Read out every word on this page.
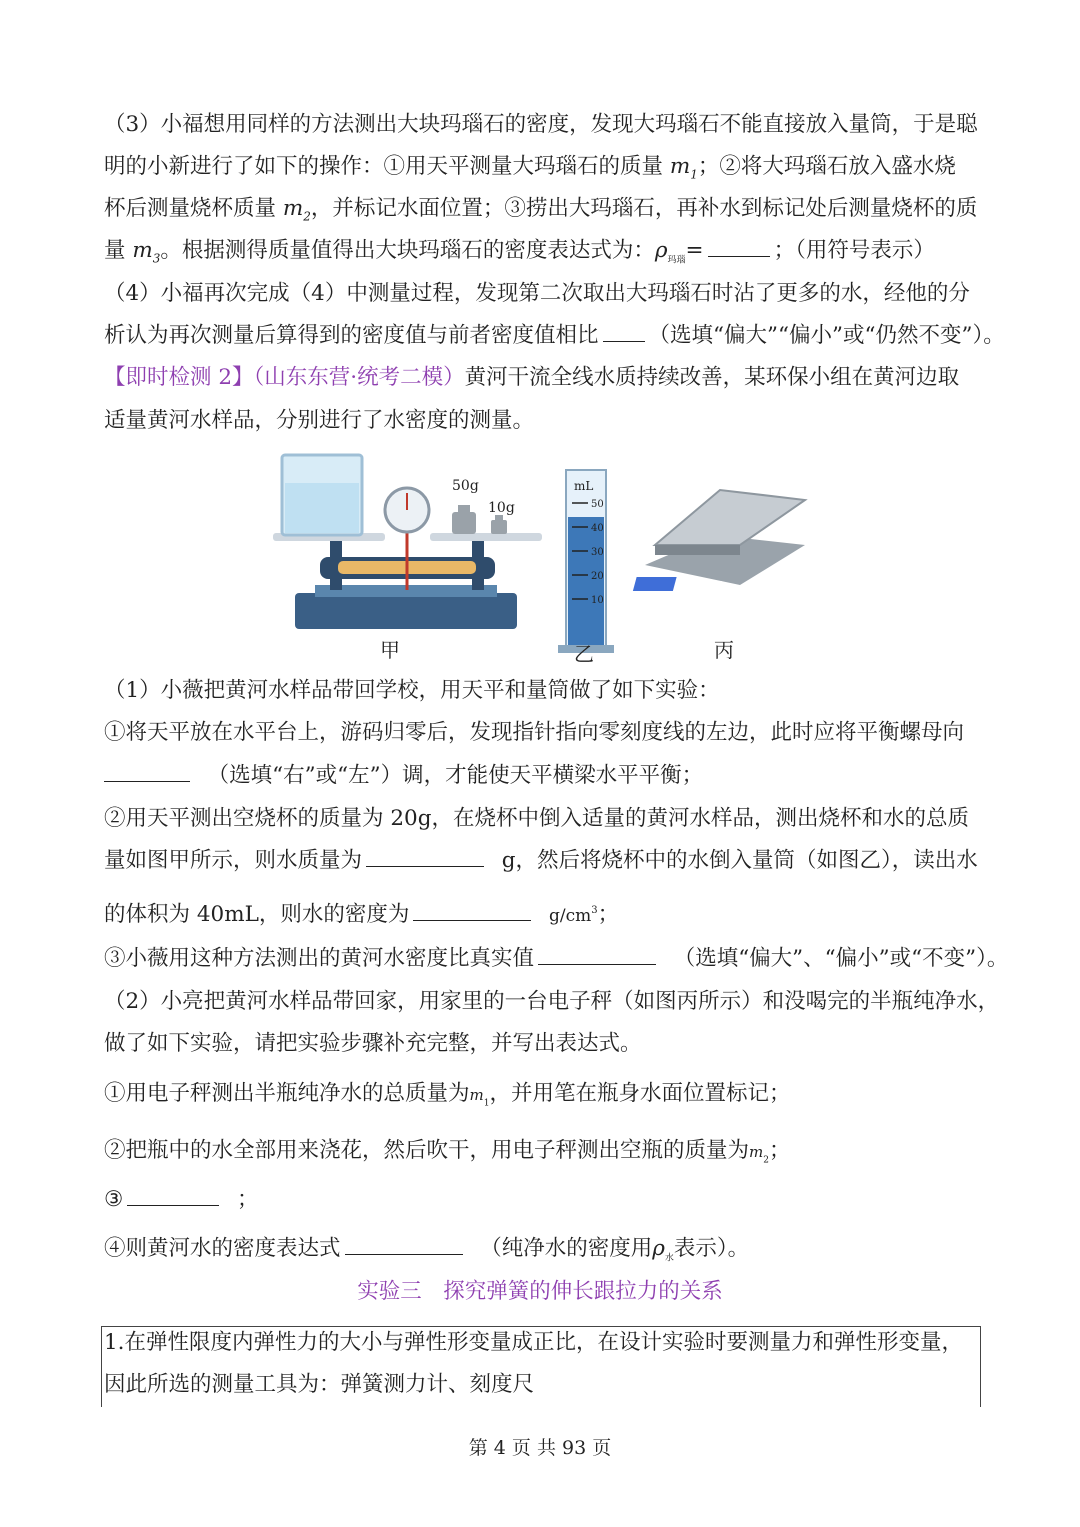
（3）小福想用同样的方法测出大块玛瑙石的密度，发现大玛瑙石不能直接放入量筒，于是聪
明的小新进行了如下的操作：①用天平测量大玛瑙石的质量 $m_1$；②将大玛瑙石放入盛水烧
杯后测量烧杯质量 $m_2$，并标记水面位置；③捞出大玛瑙石，再补水到标记处后测量烧杯的质
量 $m_3$。根据测得质量值得出大块玛瑙石的密度表达式为：$\rho_{玛瑙}=$	；（用符号表示）
（4）小福再次完成（4）中测量过程，发现第二次取出大玛瑙石时沾了更多的水，经他的分
析认为再次测量后算得到的密度值与前者密度值相比 （选填“偏大”“偏小”或“仍然不变”）。
【即时检测 2】（山东东营·统考二模）黄河干流全线水质持续改善，某环保小组在黄河边取
适量黄河水样品，分别进行了水密度的测量。
50g
10g
mL
50
40
30
20
10
0.00
甲	乙	丙
（1）小薇把黄河水样品带回学校，用天平和量筒做了如下实验：
①将天平放在水平台上，游码归零后，发现指针指向零刻度线的左边，此时应将平衡螺母向
（选填“右”或“左”）调，才能使天平横梁水平平衡；
②用天平测出空烧杯的质量为 20g，在烧杯中倒入适量的黄河水样品，测出烧杯和水的总质
量如图甲所示，则水质量为	g，然后将烧杯中的水倒入量筒（如图乙），读出水
的体积为 40mL，则水的密度为	$g/cm^3$；
③小薇用这种方法测出的黄河水密度比真实值	（选填“偏大”、“偏小”或“不变”）。
（2）小亮把黄河水样品带回家，用家里的一台电子秤（如图丙所示）和没喝完的半瓶纯净水，
做了如下实验，请把实验步骤补充完整，并写出表达式。
①用电子秤测出半瓶纯净水的总质量为$m_1$，并用笔在瓶身水面位置标记；
②把瓶中的水全部用来浇花，然后吹干，用电子秤测出空瓶的质量为$m_2$；
③	；
④则黄河水的密度表达式	（纯净水的密度用$\rho_水$表示）。
实验三　探究弹簧的伸长跟拉力的关系
1.在弹性限度内弹性力的大小与弹性形变量成正比，在设计实验时要测量力和弹性形变量，
因此所选的测量工具为：弹簧测力计、刻度尺
第 4 页 共 93 页
